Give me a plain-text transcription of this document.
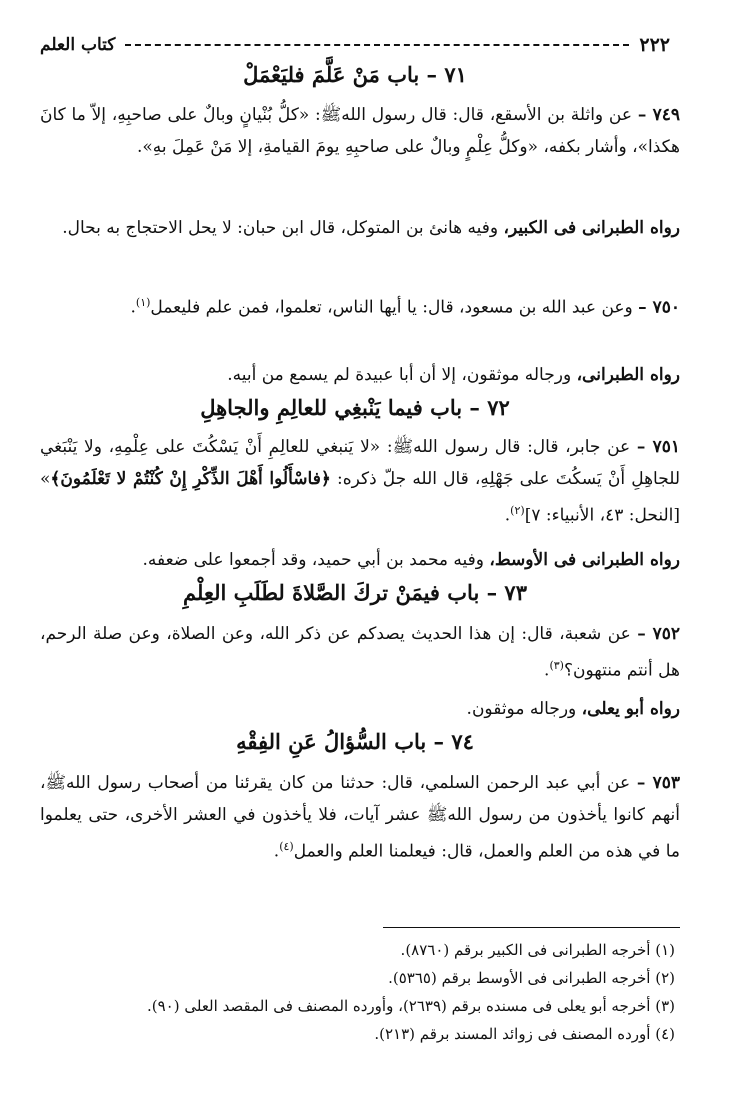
٢٢٢
كتاب العلم
٧١ – باب مَنْ عَلَّمَ فليَعْمَلْ
٧٤٩ – عن واثلة بن الأسقع، قال: قال رسول اللهﷺ: «كلُّ بُنْيانٍ وبالٌ على صاحبِهِ، إلاّ ما كانَ هكذا»، وأشار بكفه، «وكلُّ عِلْمٍ وبالٌ على صاحبِهِ يومَ القيامةِ، إلا مَنْ عَمِلَ بهِ».
رواه الطبرانى فى الكبير، وفيه هانئ بن المتوكل، قال ابن حبان: لا يحل الاحتجاج به بحال.
٧٥٠ – وعن عبد الله بن مسعود، قال: يا أيها الناس، تعلموا، فمن علم فليعمل$^{(١)}$.
رواه الطبرانى، ورجاله موثقون، إلا أن أبا عبيدة لم يسمع من أبيه.
٧٢ – باب فيما يَنْبغِي للعالِمِ والجاهِلِ
٧٥١ – عن جابر، قال: قال رسول اللهﷺ: «لا يَنبغي للعالِمِ أَنْ يَسْكُتَ على عِلْمِهِ، ولا يَنْبَغي للجاهِلِ أَنْ يَسكُتَ على جَهْلِهِ، قال الله جلّ ذكره: ﴿فاسْأَلُوا أَهْلَ الذِّكْرِ إِنْ كُنْتُمْ لا تَعْلَمُونَ﴾» [النحل: ٤٣، الأنبياء: ٧]$^{(٢)}$.
رواه الطبرانى فى الأوسط، وفيه محمد بن أبي حميد، وقد أجمعوا على ضعفه.
٧٣ – باب فيمَنْ تركَ الصَّلاةَ لطَلَبِ العِلْمِ
٧٥٢ – عن شعبة، قال: إن هذا الحديث يصدكم عن ذكر الله، وعن الصلاة، وعن صلة الرحم، هل أنتم منتهون؟$^{(٣)}$.
رواه أبو يعلى، ورجاله موثقون.
٧٤ – باب السُّؤالُ عَنِ الفِقْهِ
٧٥٣ – عن أبي عبد الرحمن السلمي، قال: حدثنا من كان يقرئنا من أصحاب رسول اللهﷺ، أنهم كانوا يأخذون من رسول اللهﷺ عشر آيات، فلا يأخذون في العشر الأخرى، حتى يعلموا ما في هذه من العلم والعمل، قال: فيعلمنا العلم والعمل$^{(٤)}$.
(١) أخرجه الطبرانى فى الكبير برقم (٨٧٦٠).
(٢) أخرجه الطبرانى فى الأوسط برقم (٥٣٦٥).
(٣) أخرجه أبو يعلى فى مسنده برقم (٢٦٣٩)، وأورده المصنف فى المقصد العلى (٩٠).
(٤) أورده المصنف فى زوائد المسند برقم (٢١٣).
